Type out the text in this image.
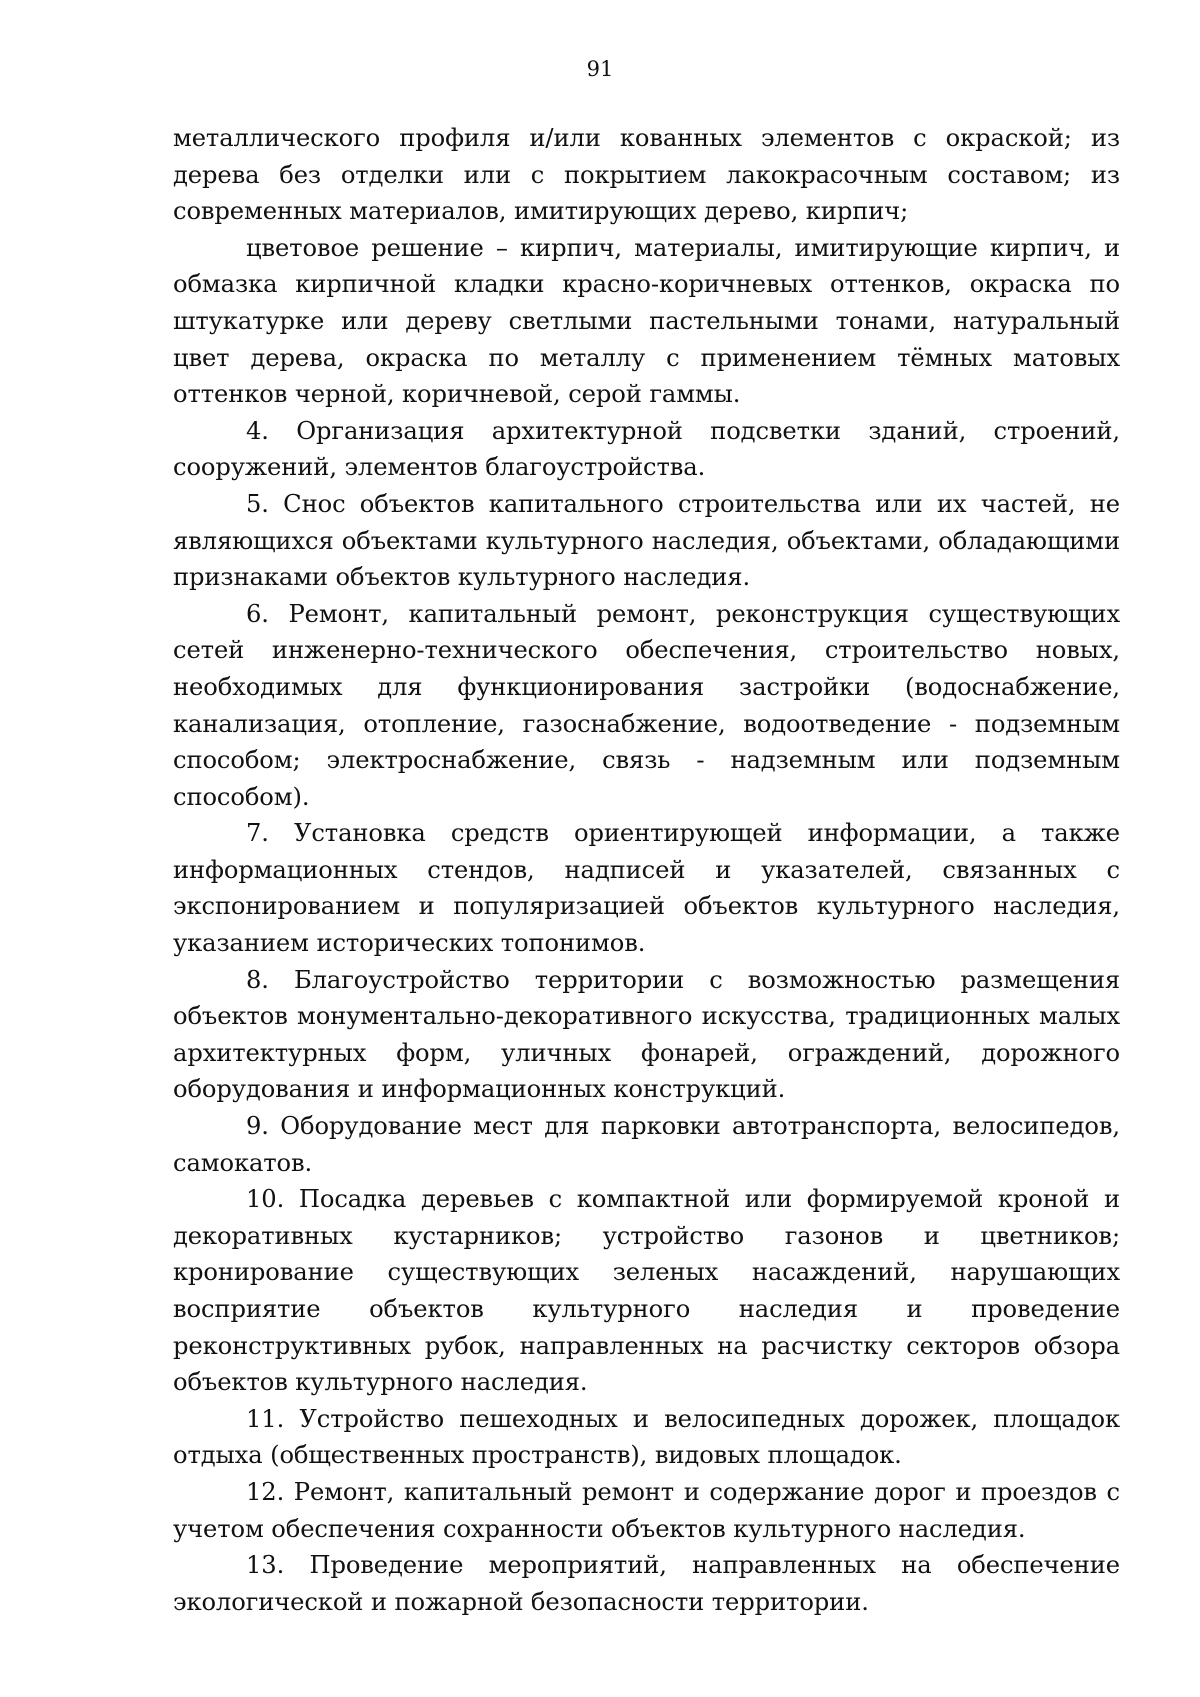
91

металлического профиля и/или кованных элементов с окраской; из дерева без отделки или с покрытием лакокрасочным составом; из современных материалов, имитирующих дерево, кирпич;

цветовое решение – кирпич, материалы, имитирующие кирпич, и обмазка кирпичной кладки красно-коричневых оттенков, окраска по штукатурке или дереву светлыми пастельными тонами, натуральный цвет дерева, окраска по металлу с применением тёмных матовых оттенков черной, коричневой, серой гаммы.

4. Организация архитектурной подсветки зданий, строений, сооружений, элементов благоустройства.

5. Снос объектов капитального строительства или их частей, не являющихся объектами культурного наследия, объектами, обладающими признаками объектов культурного наследия.

6. Ремонт, капитальный ремонт, реконструкция существующих сетей инженерно-технического обеспечения, строительство новых, необходимых для функционирования застройки (водоснабжение, канализация, отопление, газоснабжение, водоотведение - подземным способом; электроснабжение, связь - надземным или подземным способом).

7. Установка средств ориентирующей информации, а также информационных стендов, надписей и указателей, связанных с экспонированием и популяризацией объектов культурного наследия, указанием исторических топонимов.

8. Благоустройство территории с возможностью размещения объектов монументально-декоративного искусства, традиционных малых архитектурных форм, уличных фонарей, ограждений, дорожного оборудования и информационных конструкций.

9. Оборудование мест для парковки автотранспорта, велосипедов, самокатов.

10. Посадка деревьев с компактной или формируемой кроной и декоративных кустарников; устройство газонов и цветников; кронирование существующих зеленых насаждений, нарушающих восприятие объектов культурного наследия и проведение реконструктивных рубок, направленных на расчистку секторов обзора объектов культурного наследия.

11. Устройство пешеходных и велосипедных дорожек, площадок отдыха (общественных пространств), видовых площадок.

12. Ремонт, капитальный ремонт и содержание дорог и проездов с учетом обеспечения сохранности объектов культурного наследия.

13. Проведение мероприятий, направленных на обеспечение экологической и пожарной безопасности территории.
